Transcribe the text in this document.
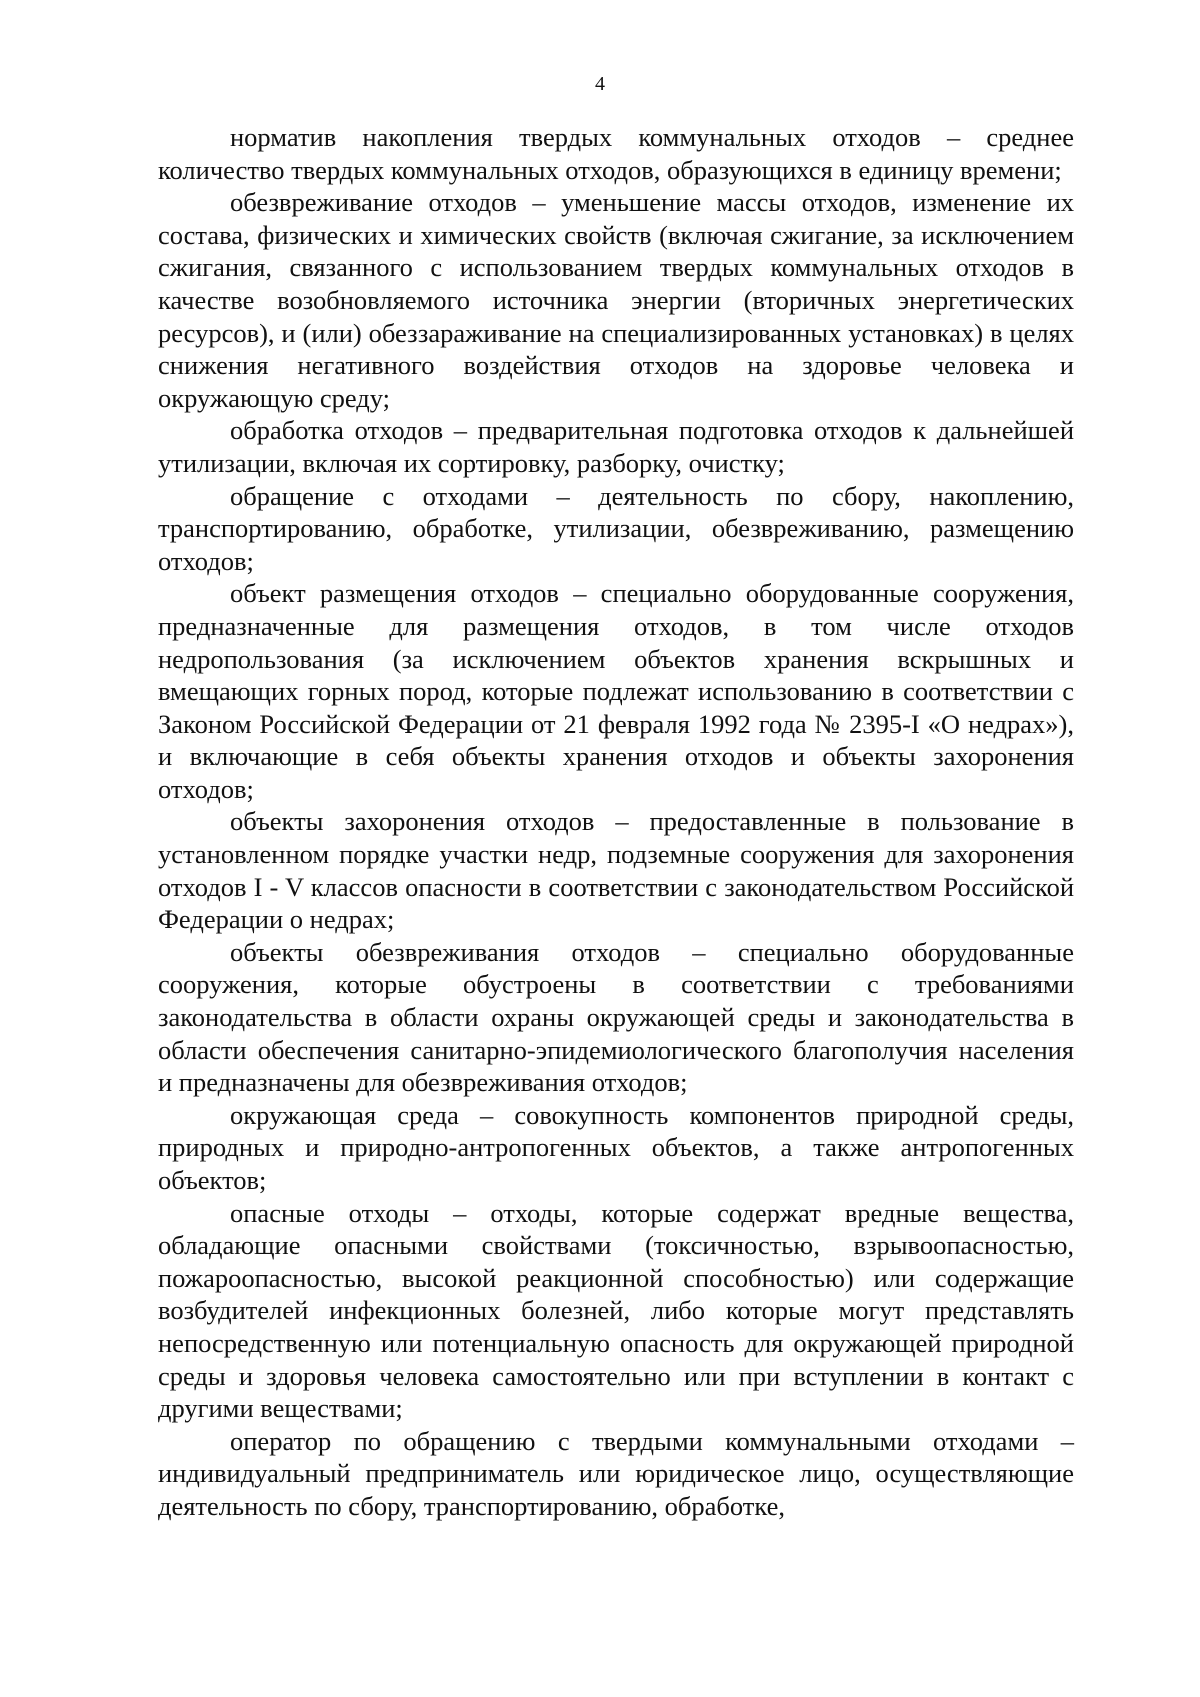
4

норматив накопления твердых коммунальных отходов – среднее количество твердых коммунальных отходов, образующихся в единицу времени;

обезвреживание отходов – уменьшение массы отходов, изменение их состава, физических и химических свойств (включая сжигание, за исключением сжигания, связанного с использованием твердых коммунальных отходов в качестве возобновляемого источника энергии (вторичных энергетических ресурсов), и (или) обеззараживание на специализированных установках) в целях снижения негативного воздействия отходов на здоровье человека и окружающую среду;

обработка отходов – предварительная подготовка отходов к дальнейшей утилизации, включая их сортировку, разборку, очистку;

обращение с отходами – деятельность по сбору, накоплению, транспортированию, обработке, утилизации, обезвреживанию, размещению отходов;

объект размещения отходов – специально оборудованные сооружения, предназначенные для размещения отходов, в том числе отходов недропользования (за исключением объектов хранения вскрышных и вмещающих горных пород, которые подлежат использованию в соответствии с Законом Российской Федерации от 21 февраля 1992 года № 2395-I «О недрах»), и включающие в себя объекты хранения отходов и объекты захоронения отходов;

объекты захоронения отходов – предоставленные в пользование в установленном порядке участки недр, подземные сооружения для захоронения отходов I - V классов опасности в соответствии с законодательством Российской Федерации о недрах;

объекты обезвреживания отходов – специально оборудованные сооружения, которые обустроены в соответствии с требованиями законодательства в области охраны окружающей среды и законодательства в области обеспечения санитарно-эпидемиологического благополучия населения и предназначены для обезвреживания отходов;

окружающая среда – совокупность компонентов природной среды, природных и природно-антропогенных объектов, а также антропогенных объектов;

опасные отходы – отходы, которые содержат вредные вещества, обладающие опасными свойствами (токсичностью, взрывоопасностью, пожароопасностью, высокой реакционной способностью) или содержащие возбудителей инфекционных болезней, либо которые могут представлять непосредственную или потенциальную опасность для окружающей природной среды и здоровья человека самостоятельно или при вступлении в контакт с другими веществами;

оператор по обращению с твердыми коммунальными отходами – индивидуальный предприниматель или юридическое лицо, осуществляющие деятельность по сбору, транспортированию, обработке,
